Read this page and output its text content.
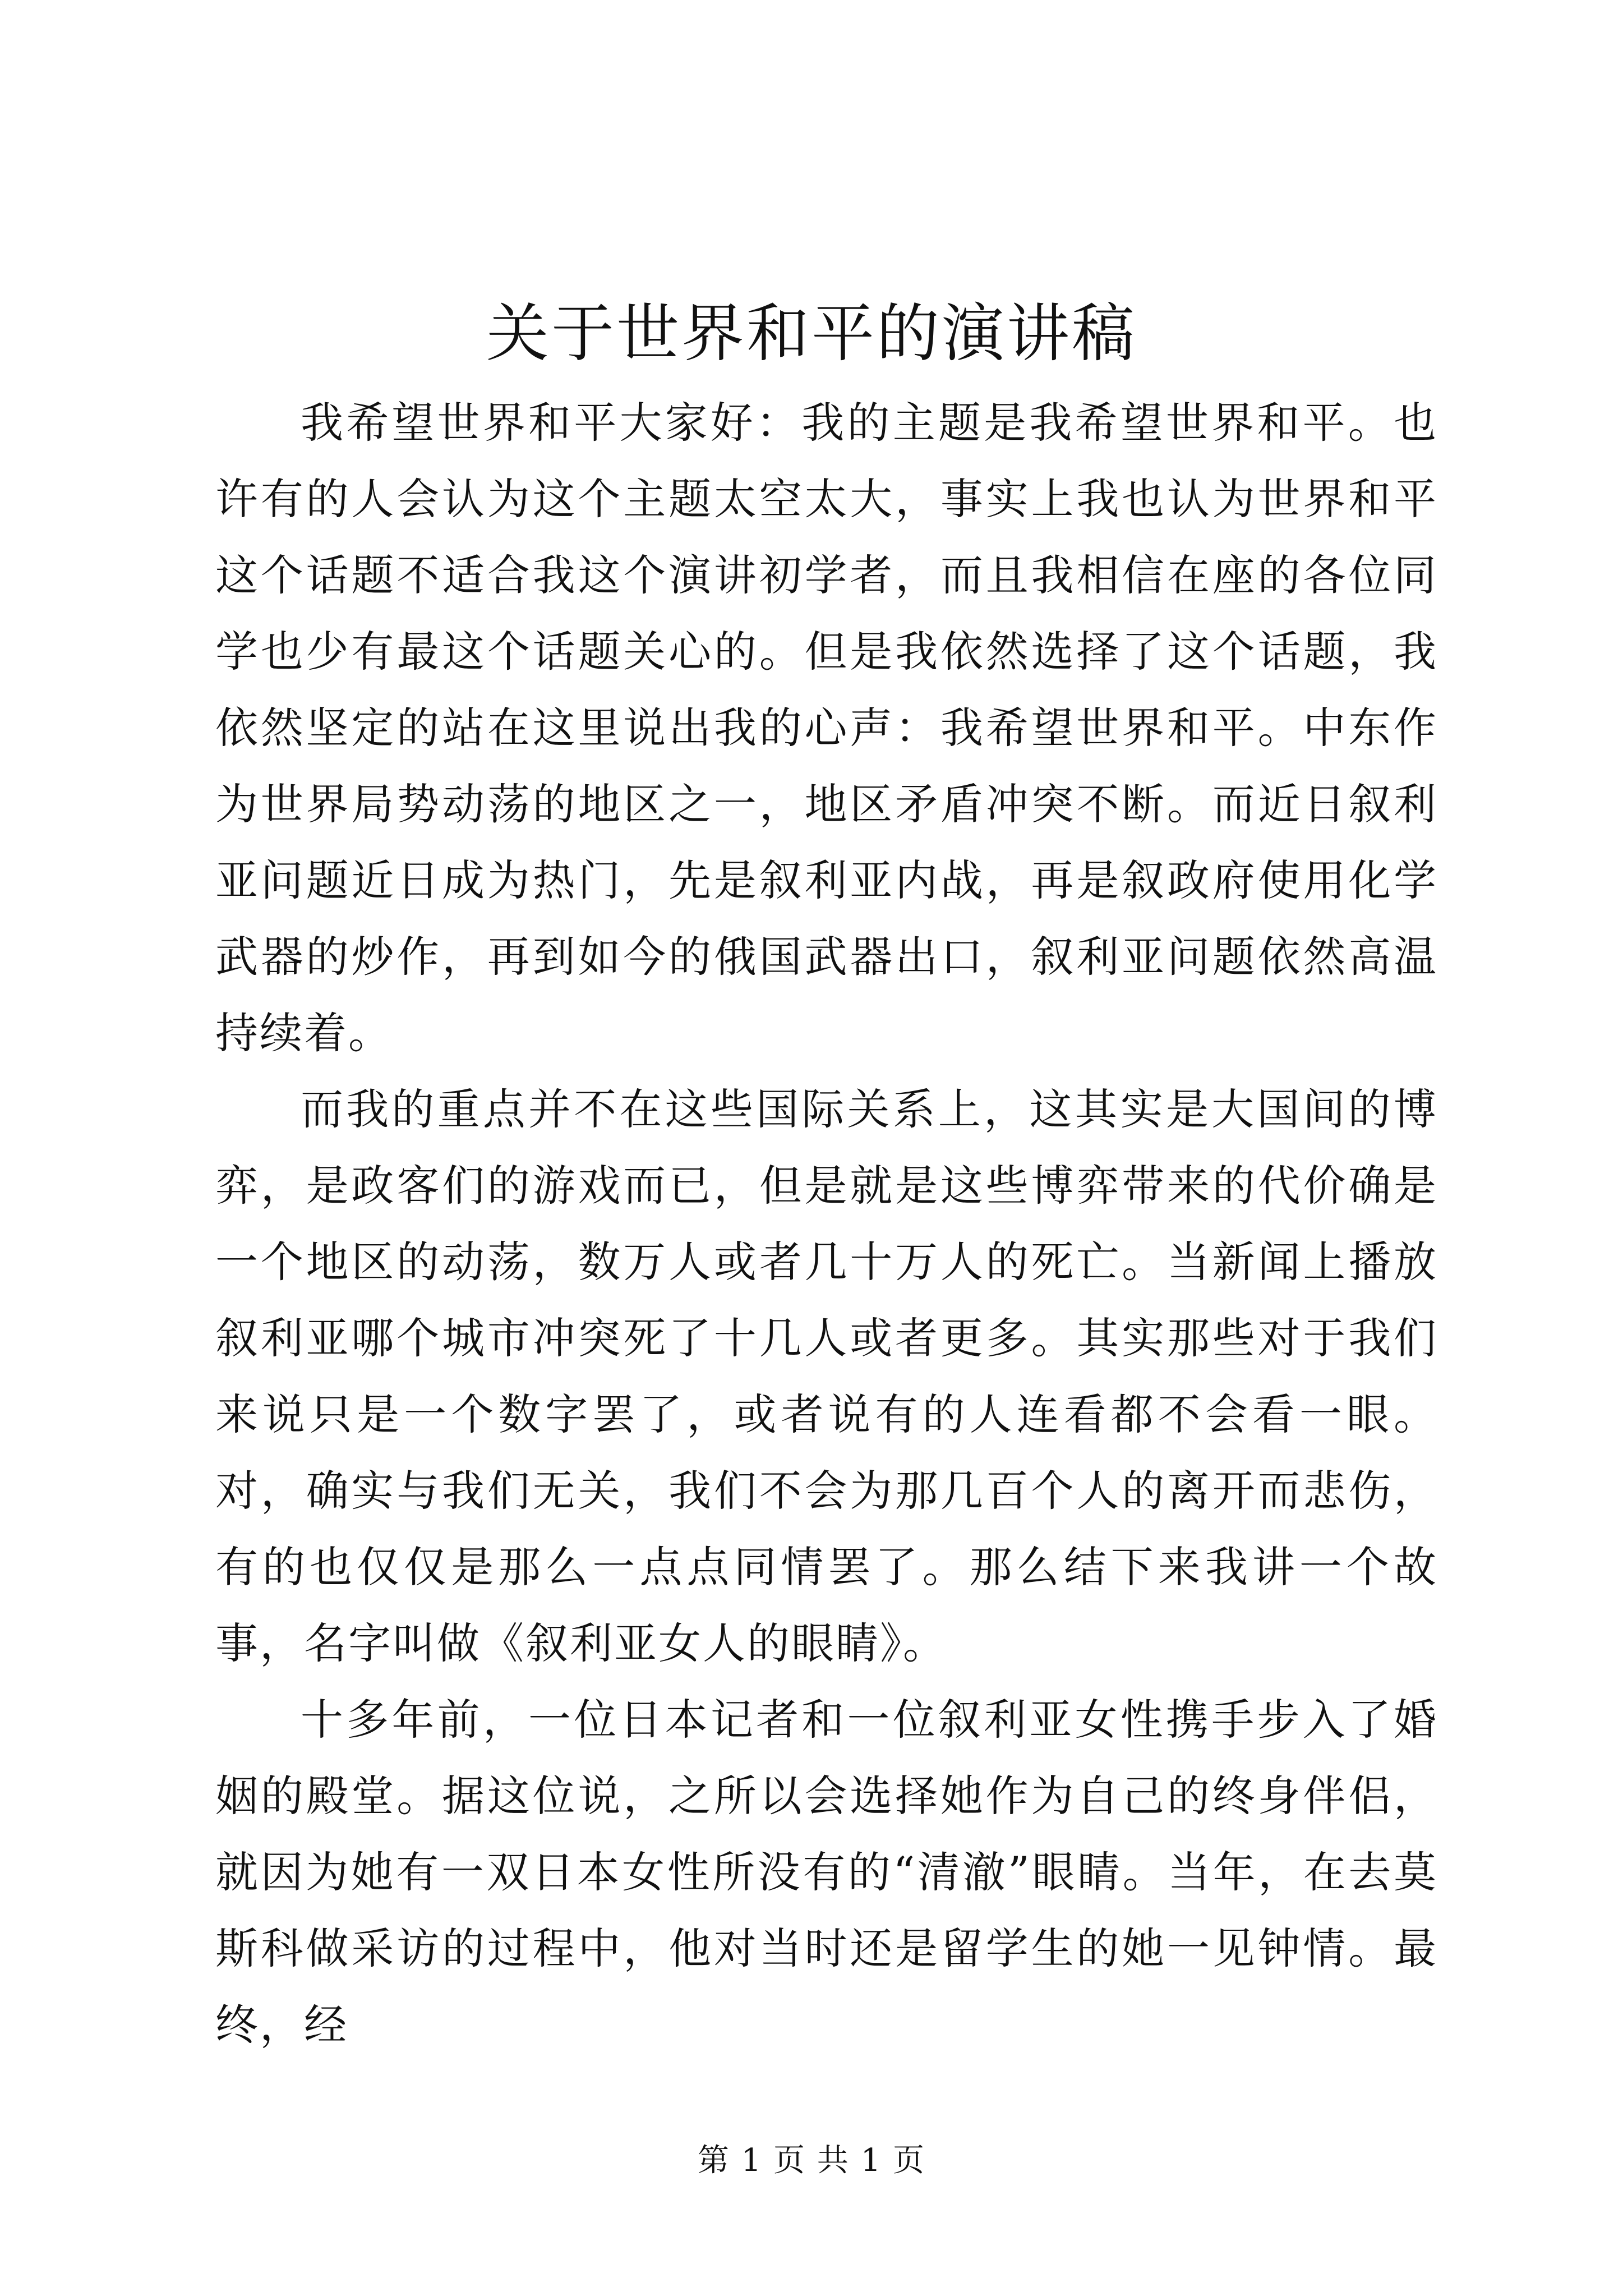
关于世界和平的演讲稿

我希望世界和平大家好：我的主题是我希望世界和平。也许有的人会认为这个主题太空太大，事实上我也认为世界和平这个话题不适合我这个演讲初学者，而且我相信在座的各位同学也少有最这个话题关心的。但是我依然选择了这个话题，我依然坚定的站在这里说出我的心声：我希望世界和平。中东作为世界局势动荡的地区之一，地区矛盾冲突不断。而近日叙利亚问题近日成为热门，先是叙利亚内战，再是叙政府使用化学武器的炒作，再到如今的俄国武器出口，叙利亚问题依然高温持续着。

而我的重点并不在这些国际关系上，这其实是大国间的博弈，是政客们的游戏而已，但是就是这些博弈带来的代价确是一个地区的动荡，数万人或者几十万人的死亡。当新闻上播放叙利亚哪个城市冲突死了十几人或者更多。其实那些对于我们来说只是一个数字罢了，或者说有的人连看都不会看一眼。对，确实与我们无关，我们不会为那几百个人的离开而悲伤，有的也仅仅是那么一点点同情罢了。那么结下来我讲一个故事，名字叫做《叙利亚女人的眼睛》。

十多年前，一位日本记者和一位叙利亚女性携手步入了婚姻的殿堂。据这位说，之所以会选择她作为自己的终身伴侣，就因为她有一双日本女性所没有的“清澈”眼睛。当年，在去莫斯科做采访的过程中，他对当时还是留学生的她一见钟情。最终，经

第 1 页 共 1 页
